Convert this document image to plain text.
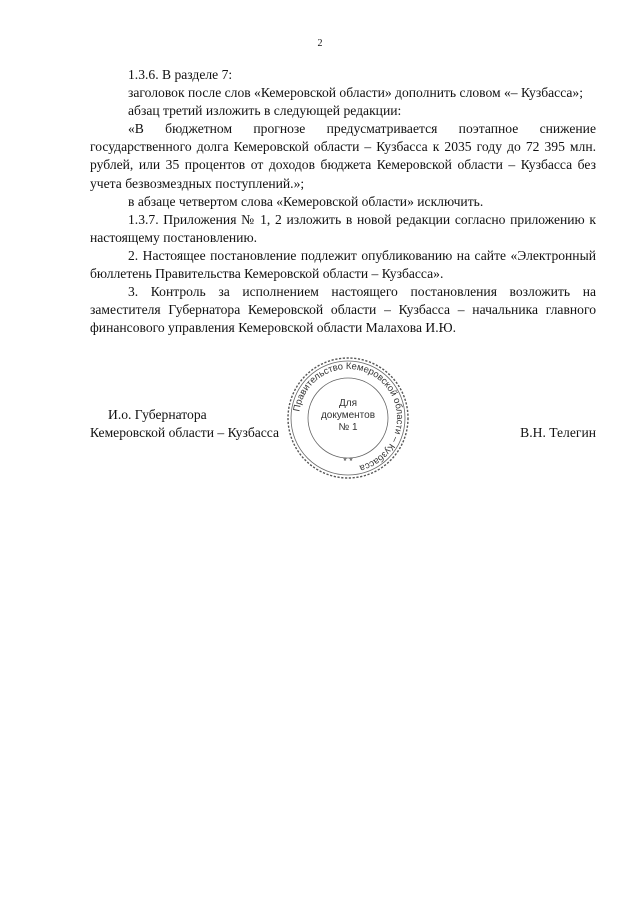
2

1.3.6. В разделе 7:

заголовок после слов «Кемеровской области» дополнить словом «– Кузбасса»;

абзац третий изложить в следующей редакции:

«В бюджетном прогнозе предусматривается поэтапное снижение государственного долга Кемеровской области – Кузбасса к 2035 году до 72 395 млн. рублей, или 35 процентов от доходов бюджета Кемеровской области – Кузбасса без учета безвозмездных поступлений.»;

в абзаце четвертом слова «Кемеровской области» исключить.

1.3.7. Приложения № 1, 2 изложить в новой редакции согласно приложению к настоящему постановлению.

2. Настоящее постановление подлежит опубликованию на сайте «Электронный бюллетень Правительства Кемеровской области – Кузбасса».

3. Контроль за исполнением настоящего постановления возложить на заместителя Губернатора Кемеровской области – Кузбасса – начальника главного финансового управления Кемеровской области Малахова И.Ю.

Правительство Кемеровской области – Кузбасса
Для
документов
№ 1
* *
И.о. Губернатора
Кемеровской области – Кузбасса	В.Н. Телегин
